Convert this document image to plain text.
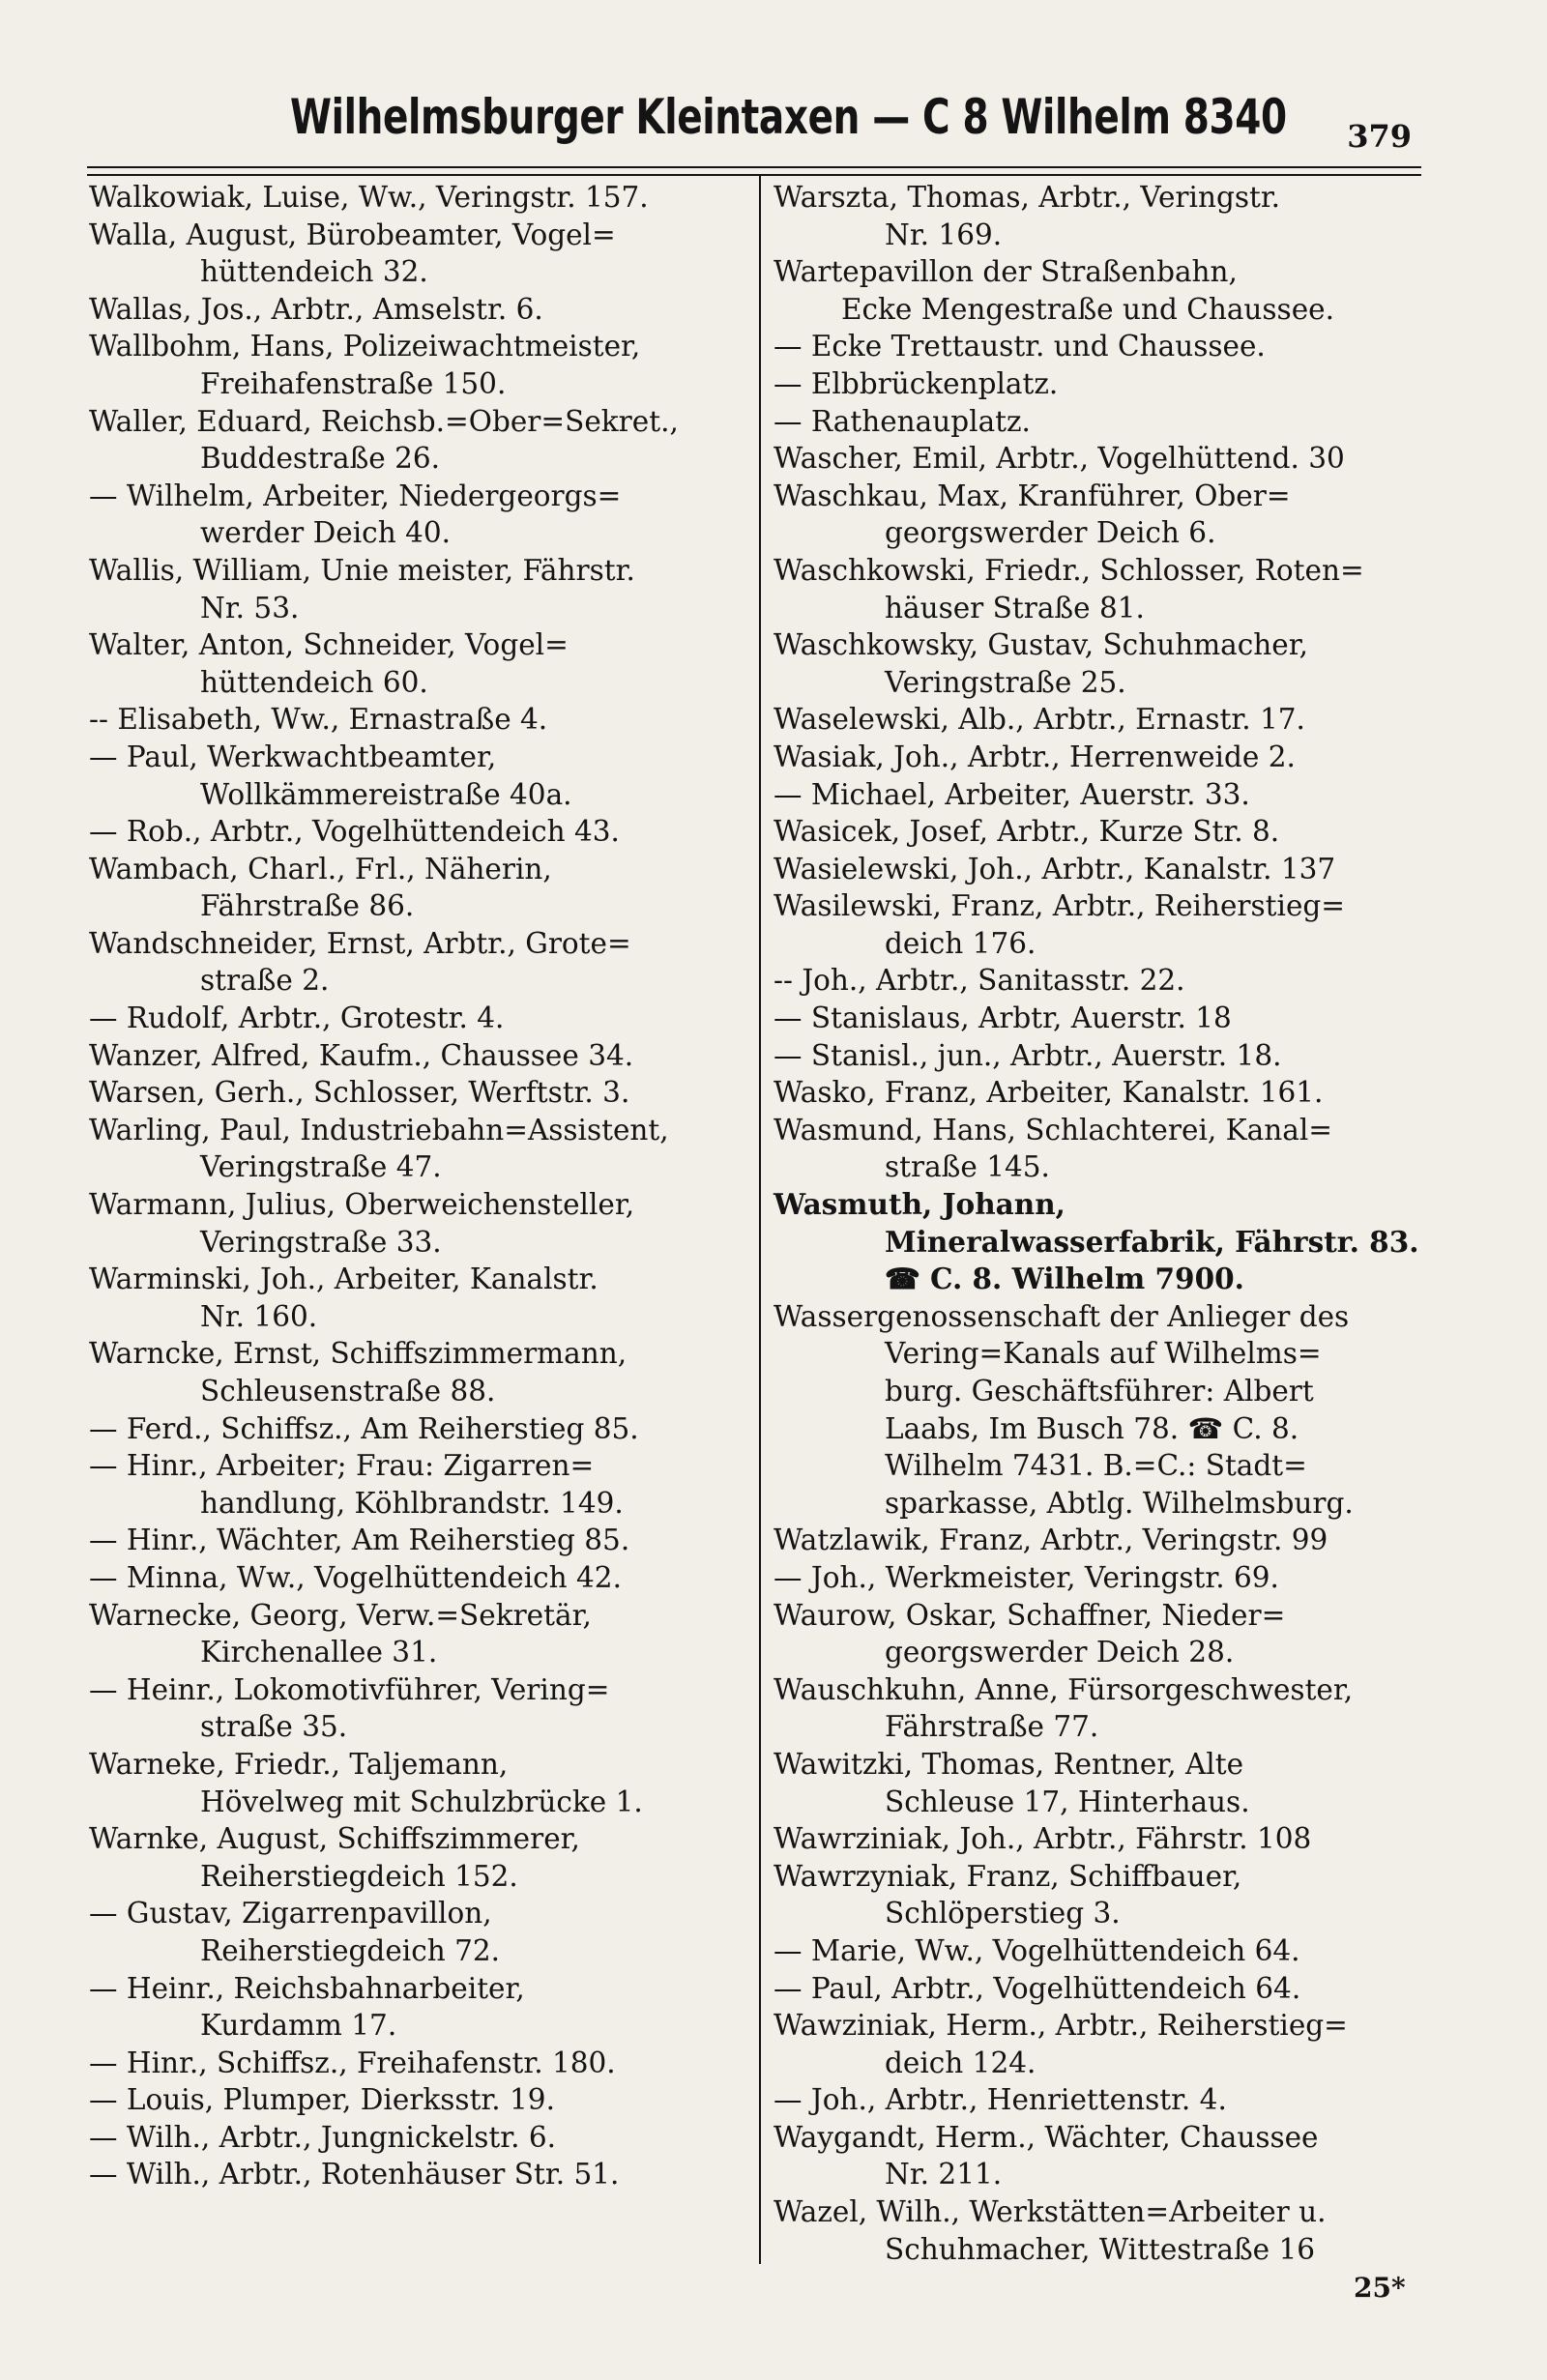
Wilhelmsburger Kleintaxen — C 8 Wilhelm 8340 379
Walkowiak, Luise, Ww., Veringstr. 157.
Walla, August, Bürobeamter, Vogel=
hüttendeich 32.
Wallas, Jos., Arbtr., Amselstr. 6.
Wallbohm, Hans, Polizeiwachtmeister,
Freihafenstraße 150.
Waller, Eduard, Reichsb.=Ober=Sekret.,
Buddestraße 26.
— Wilhelm, Arbeiter, Niedergeorgs=
werder Deich 40.
Wallis, William, Unie meister, Fährstr.
Nr. 53.
Walter, Anton, Schneider, Vogel=
hüttendeich 60.
-- Elisabeth, Ww., Ernastraße 4.
— Paul, Werkwachtbeamter,
Wollkämmereistraße 40a.
— Rob., Arbtr., Vogelhüttendeich 43.
Wambach, Charl., Frl., Näherin,
Fährstraße 86.
Wandschneider, Ernst, Arbtr., Grote=
straße 2.
— Rudolf, Arbtr., Grotestr. 4.
Wanzer, Alfred, Kaufm., Chaussee 34.
Warsen, Gerh., Schlosser, Werftstr. 3.
Warling, Paul, Industriebahn=Assistent,
Veringstraße 47.
Warmann, Julius, Oberweichensteller,
Veringstraße 33.
Warminski, Joh., Arbeiter, Kanalstr.
Nr. 160.
Warncke, Ernst, Schiffszimmermann,
Schleusenstraße 88.
— Ferd., Schiffsz., Am Reiherstieg 85.
— Hinr., Arbeiter; Frau: Zigarren=
handlung, Köhlbrandstr. 149.
— Hinr., Wächter, Am Reiherstieg 85.
— Minna, Ww., Vogelhüttendeich 42.
Warnecke, Georg, Verw.=Sekretär,
Kirchenallee 31.
— Heinr., Lokomotivführer, Vering=
straße 35.
Warneke, Friedr., Taljemann,
Hövelweg mit Schulzbrücke 1.
Warnke, August, Schiffszimmerer,
Reiherstiegdeich 152.
— Gustav, Zigarrenpavillon,
Reiherstiegdeich 72.
— Heinr., Reichsbahnarbeiter,
Kurdamm 17.
— Hinr., Schiffsz., Freihafenstr. 180.
— Louis, Plumper, Dierksstr. 19.
— Wilh., Arbtr., Jungnickelstr. 6.
— Wilh., Arbtr., Rotenhäuser Str. 51.
Warszta, Thomas, Arbtr., Veringstr.
Nr. 169.
Wartepavillon der Straßenbahn,
Ecke Mengestraße und Chaussee.
— Ecke Trettaustr. und Chaussee.
— Elbbrückenplatz.
— Rathenauplatz.
Wascher, Emil, Arbtr., Vogelhüttend. 30
Waschkau, Max, Kranführer, Ober=
georgswerder Deich 6.
Waschkowski, Friedr., Schlosser, Roten=
häuser Straße 81.
Waschkowsky, Gustav, Schuhmacher,
Veringstraße 25.
Waselewski, Alb., Arbtr., Ernastr. 17.
Wasiak, Joh., Arbtr., Herrenweide 2.
— Michael, Arbeiter, Auerstr. 33.
Wasicek, Josef, Arbtr., Kurze Str. 8.
Wasielewski, Joh., Arbtr., Kanalstr. 137
Wasilewski, Franz, Arbtr., Reiherstieg=
deich 176.
-- Joh., Arbtr., Sanitasstr. 22.
— Stanislaus, Arbtr, Auerstr. 18
— Stanisl., jun., Arbtr., Auerstr. 18.
Wasko, Franz, Arbeiter, Kanalstr. 161.
Wasmund, Hans, Schlachterei, Kanal=
straße 145.
Wasmuth, Johann,
Mineralwasserfabrik, Fährstr. 83.
☎ C. 8. Wilhelm 7900.
Wassergenossenschaft der Anlieger des
Vering=Kanals auf Wilhelms=
burg. Geschäftsführer: Albert
Laabs, Im Busch 78. ☎ C. 8.
Wilhelm 7431. B.=C.: Stadt=
sparkasse, Abtlg. Wilhelmsburg.
Watzlawik, Franz, Arbtr., Veringstr. 99
— Joh., Werkmeister, Veringstr. 69.
Waurow, Oskar, Schaffner, Nieder=
georgswerder Deich 28.
Wauschkuhn, Anne, Fürsorgeschwester,
Fährstraße 77.
Wawitzki, Thomas, Rentner, Alte
Schleuse 17, Hinterhaus.
Wawrziniak, Joh., Arbtr., Fährstr. 108
Wawrzyniak, Franz, Schiffbauer,
Schlöperstieg 3.
— Marie, Ww., Vogelhüttendeich 64.
— Paul, Arbtr., Vogelhüttendeich 64.
Wawziniak, Herm., Arbtr., Reiherstieg=
deich 124.
— Joh., Arbtr., Henriettenstr. 4.
Waygandt, Herm., Wächter, Chaussee
Nr. 211.
Wazel, Wilh., Werkstätten=Arbeiter u.
Schuhmacher, Wittestraße 16
25*
